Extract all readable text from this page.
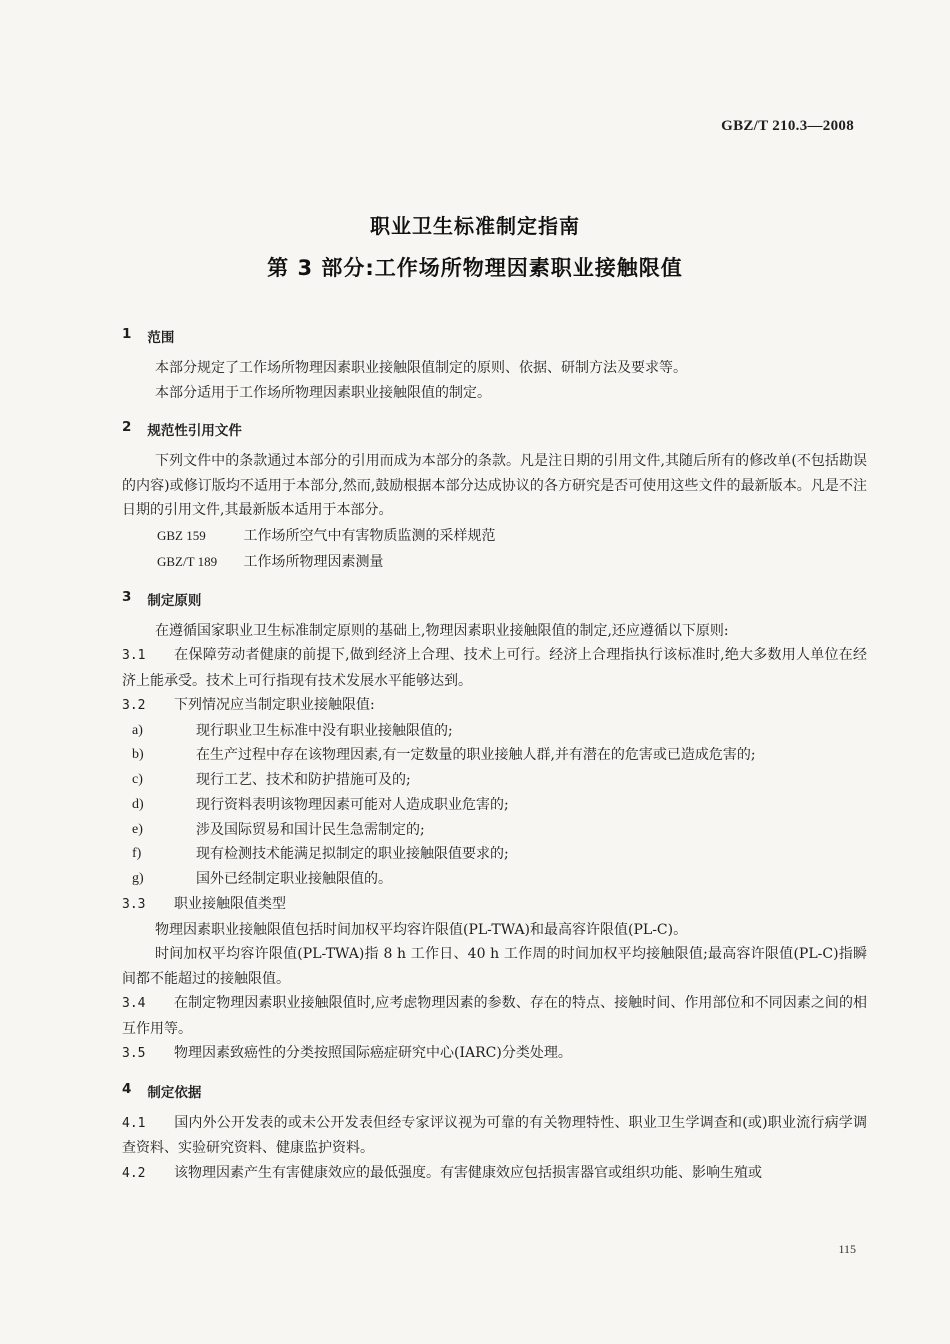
GBZ/T 210.3—2008
职业卫生标准制定指南
第 3 部分:工作场所物理因素职业接触限值
1 范围

本部分规定了工作场所物理因素职业接触限值制定的原则、依据、研制方法及要求等。

本部分适用于工作场所物理因素职业接触限值的制定。

2 规范性引用文件

下列文件中的条款通过本部分的引用而成为本部分的条款。凡是注日期的引用文件,其随后所有的修改单(不包括勘误的内容)或修订版均不适用于本部分,然而,鼓励根据本部分达成协议的各方研究是否可使用这些文件的最新版本。凡是不注日期的引用文件,其最新版本适用于本部分。

GBZ 159	工作场所空气中有害物质监测的采样规范
GBZ/T 189 工作场所物理因素测量
3 制定原则

在遵循国家职业卫生标准制定原则的基础上,物理因素职业接触限值的制定,还应遵循以下原则:

3.1 在保障劳动者健康的前提下,做到经济上合理、技术上可行。经济上合理指执行该标准时,绝大多数用人单位在经济上能承受。技术上可行指现有技术发展水平能够达到。

3.2 下列情况应当制定职业接触限值:

a)	现行职业卫生标准中没有职业接触限值的;
b)	在生产过程中存在该物理因素,有一定数量的职业接触人群,并有潜在的危害或已造成危害的;
c)	现行工艺、技术和防护措施可及的;
d)	现行资料表明该物理因素可能对人造成职业危害的;
e)	涉及国际贸易和国计民生急需制定的;
f)	现有检测技术能满足拟制定的职业接触限值要求的;
g)	国外已经制定职业接触限值的。

3.3 职业接触限值类型

物理因素职业接触限值包括时间加权平均容许限值(PL-TWA)和最高容许限值(PL-C)。

时间加权平均容许限值(PL-TWA)指 8 h 工作日、40 h 工作周的时间加权平均接触限值;最高容许限值(PL-C)指瞬间都不能超过的接触限值。

3.4 在制定物理因素职业接触限值时,应考虑物理因素的参数、存在的特点、接触时间、作用部位和不同因素之间的相互作用等。

3.5 物理因素致癌性的分类按照国际癌症研究中心(IARC)分类处理。

4 制定依据

4.1 国内外公开发表的或未公开发表但经专家评议视为可靠的有关物理特性、职业卫生学调查和(或)职业流行病学调查资料、实验研究资料、健康监护资料。

4.2 该物理因素产生有害健康效应的最低强度。有害健康效应包括损害器官或组织功能、影响生殖或

115
